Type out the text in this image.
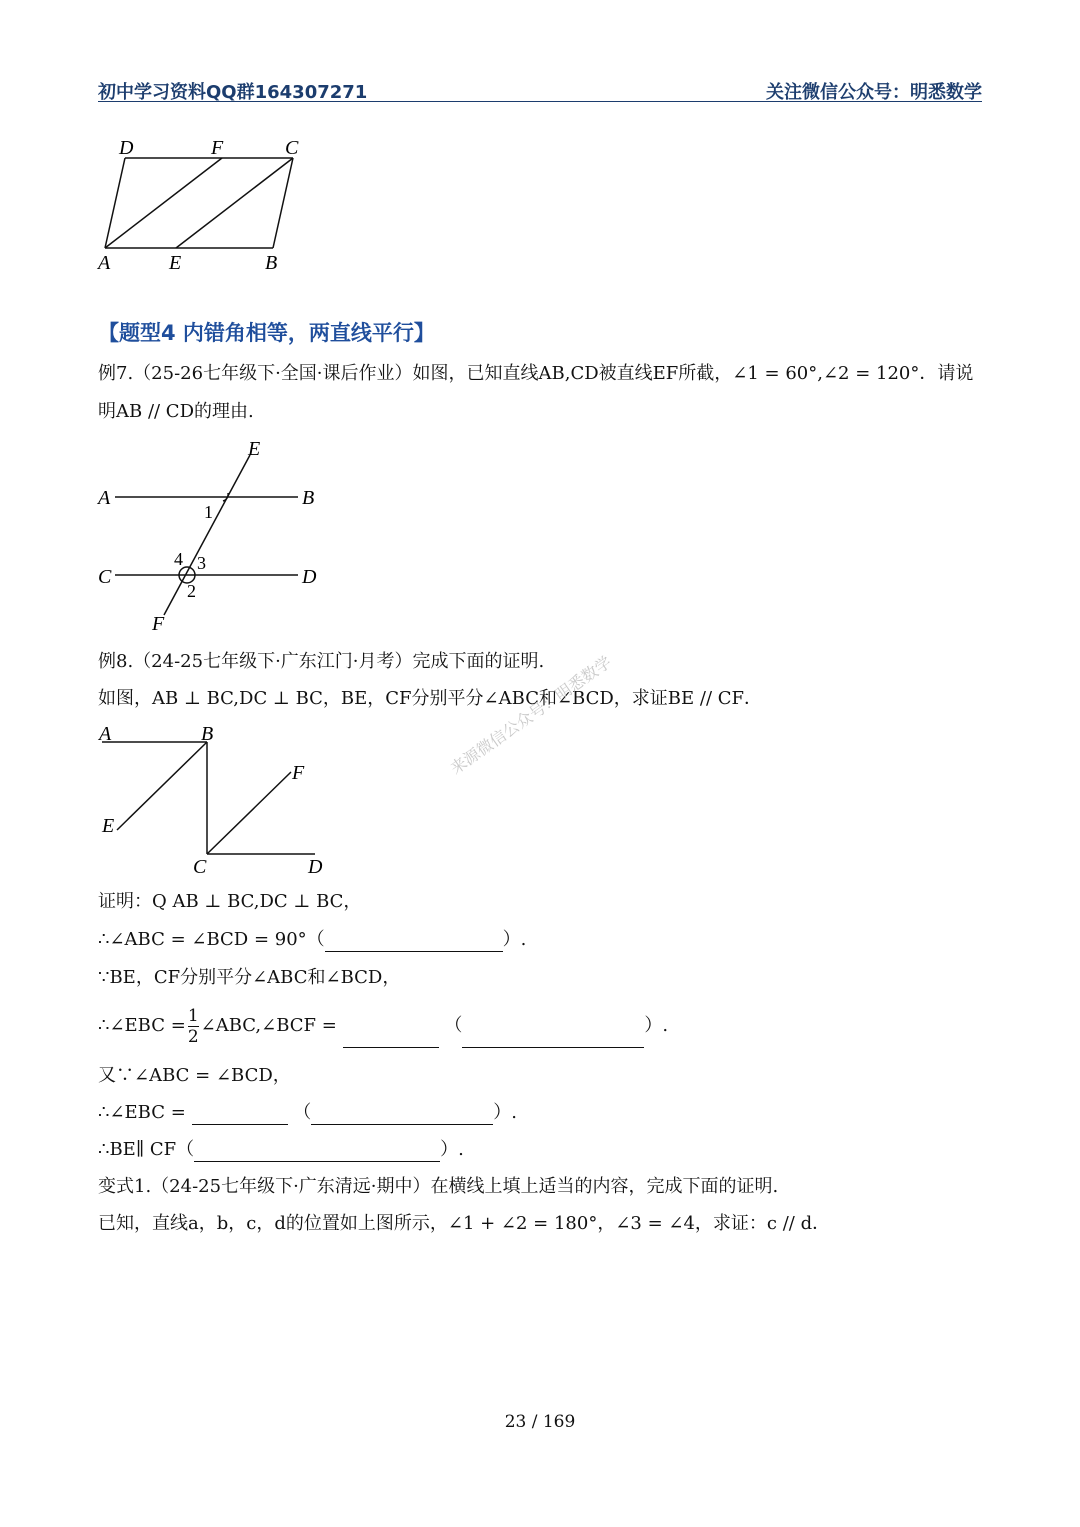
初中学习资料QQ群164307271	关注微信公众号：明悉数学
D	F	C
A	E	B
【题型4 内错角相等，两直线平行】
例7.（25-26七年级下·全国·课后作业）如图，已知直线AB,CD被直线EF所截，∠1 = 60°,∠2 = 120°．请说
明AB // CD的理由.
E
A	B
1
4 3
C	D
2
F
例8.（24-25七年级下·广东江门·月考）完成下面的证明.
如图，AB ⊥ BC,DC ⊥ BC，BE，CF分别平分∠ABC和∠BCD，求证BE // CF．
A	B
F
E
C	D
来源微信公众号：明悉数学
证明：Q AB ⊥ BC,DC ⊥ BC，
∴∠ABC = ∠BCD = 90°（	）.
∵BE，CF分别平分∠ABC和∠BCD，
∴∠EBC = $\frac{1}{2}$ ∠ABC,∠BCF =	（	）.
又∵∠ABC = ∠BCD，
∴∠EBC =	（	）.
∴BE∥ CF（	）.
变式1.（24-25七年级下·广东清远·期中）在横线上填上适当的内容，完成下面的证明.
已知，直线a，b，c，d的位置如上图所示，∠1 + ∠2 = 180°，∠3 = ∠4，求证：c // d．
23 / 169
